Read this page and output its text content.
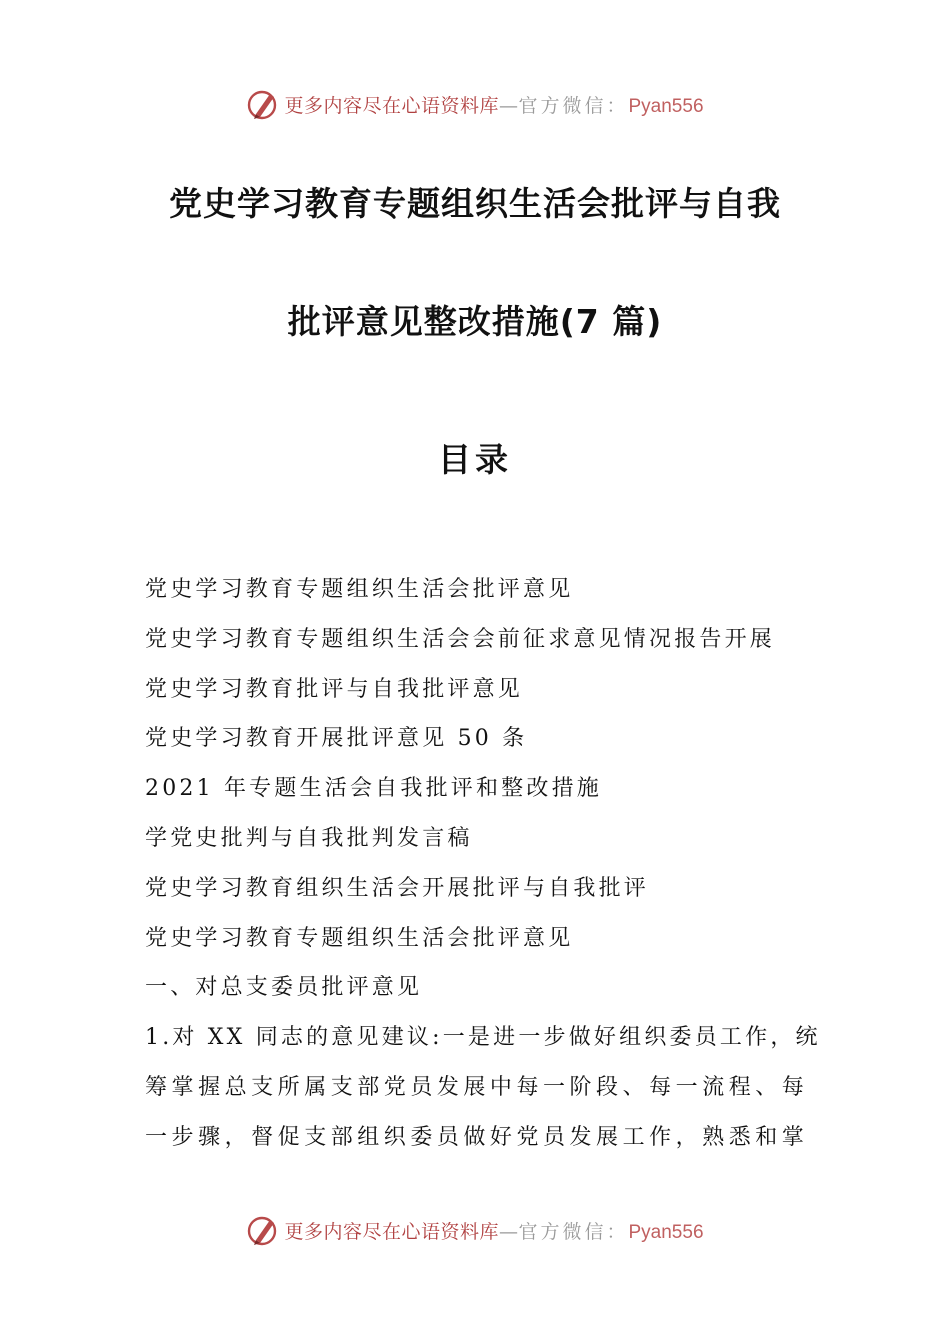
更多内容尽在心语资料库—官方微信：Pyan556
党史学习教育专题组织生活会批评与自我
批评意见整改措施(7 篇)
目录
党史学习教育专题组织生活会批评意见
党史学习教育专题组织生活会会前征求意见情况报告开展
党史学习教育批评与自我批评意见
党史学习教育开展批评意见 50 条
2021 年专题生活会自我批评和整改措施
学党史批判与自我批判发言稿
党史学习教育组织生活会开展批评与自我批评
党史学习教育专题组织生活会批评意见
一、对总支委员批评意见
1.对 XX 同志的意见建议:一是进一步做好组织委员工作，统
筹掌握总支所属支部党员发展中每一阶段、每一流程、每
一步骤，督促支部组织委员做好党员发展工作，熟悉和掌
更多内容尽在心语资料库—官方微信：Pyan556
